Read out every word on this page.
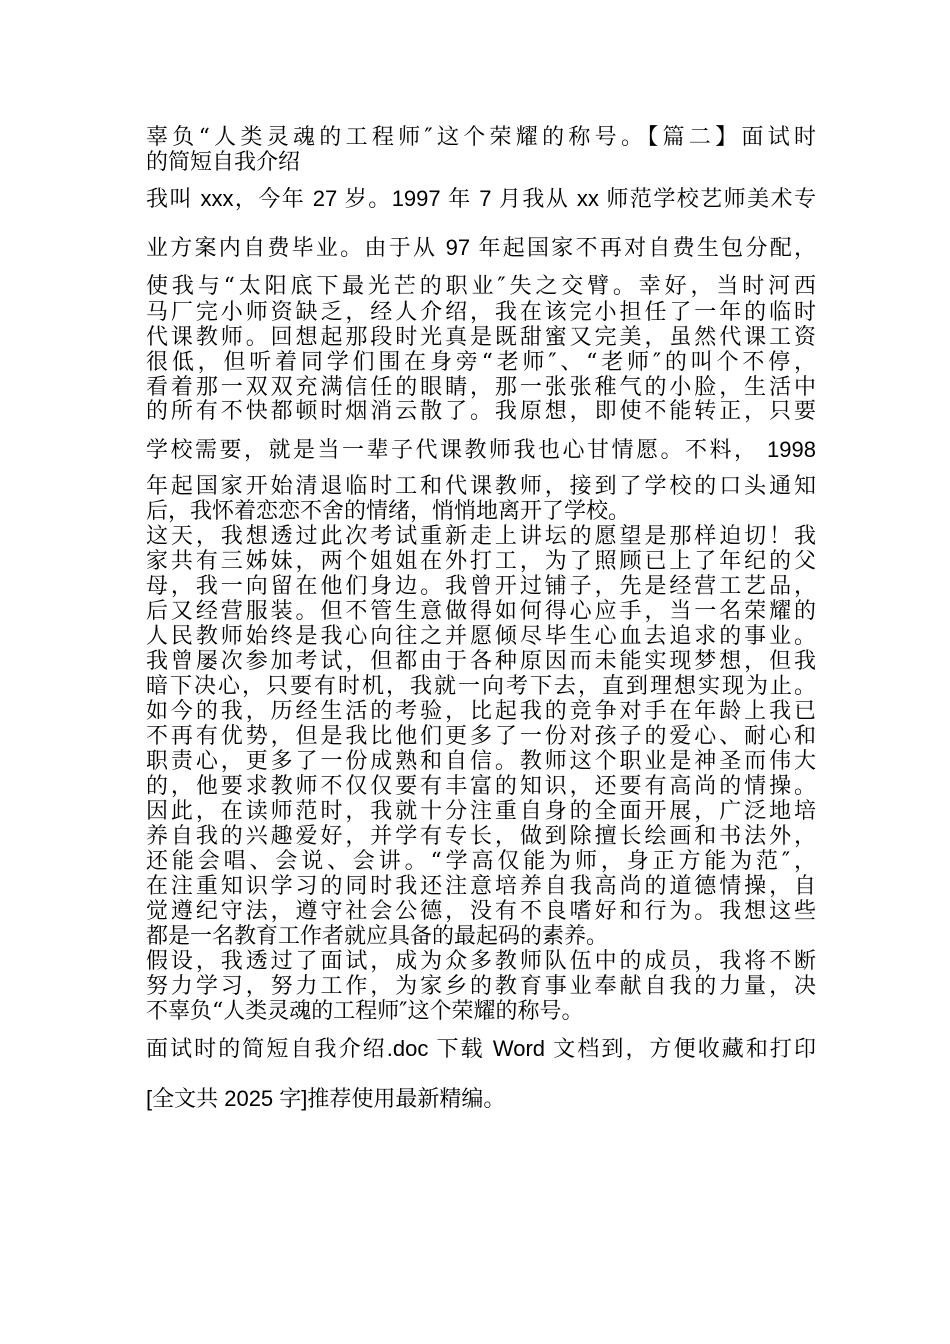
辜负“人类灵魂的工程师″这个荣耀的称号。【篇二】面试时

的简短自我介绍

我叫 xxx，今年 27 岁。1997 年 7 月我从 xx 师范学校艺师美术专

业方案内自费毕业。由于从 97 年起国家不再对自费生包分配，

使我与“太阳底下最光芒的职业″失之交臂。幸好，当时河西

马厂完小师资缺乏，经人介绍，我在该完小担任了一年的临时

代课教师。回想起那段时光真是既甜蜜又完美，虽然代课工资

很低，但听着同学们围在身旁“老师″、“老师″的叫个不停，

看着那一双双充满信任的眼睛，那一张张稚气的小脸，生活中

的所有不快都顿时烟消云散了。我原想，即使不能转正，只要

学校需要，就是当一辈子代课教师我也心甘情愿。不料， 1998

年起国家开始清退临时工和代课教师，接到了学校的口头通知

后，我怀着恋恋不舍的情绪，悄悄地离开了学校。

这天，我想透过此次考试重新走上讲坛的愿望是那样迫切！我

家共有三姊妹，两个姐姐在外打工，为了照顾已上了年纪的父

母，我一向留在他们身边。我曾开过铺子，先是经营工艺品，

后又经营服装。但不管生意做得如何得心应手，当一名荣耀的

人民教师始终是我心向往之并愿倾尽毕生心血去追求的事业。

我曾屡次参加考试，但都由于各种原因而未能实现梦想，但我

暗下决心，只要有时机，我就一向考下去，直到理想实现为止。

如今的我，历经生活的考验，比起我的竞争对手在年龄上我已

不再有优势，但是我比他们更多了一份对孩子的爱心、耐心和

职责心，更多了一份成熟和自信。教师这个职业是神圣而伟大

的，他要求教师不仅仅要有丰富的知识，还要有高尚的情操。

因此，在读师范时，我就十分注重自身的全面开展，广泛地培

养自我的兴趣爱好，并学有专长，做到除擅长绘画和书法外，

还能会唱、会说、会讲。“学高仅能为师，身正方能为范″，

在注重知识学习的同时我还注意培养自我高尚的道德情操，自

觉遵纪守法，遵守社会公德，没有不良嗜好和行为。我想这些

都是一名教育工作者就应具备的最起码的素养。

假设，我透过了面试，成为众多教师队伍中的成员，我将不断

努力学习，努力工作，为家乡的教育事业奉献自我的力量，决

不辜负“人类灵魂的工程师″这个荣耀的称号。

面试时的简短自我介绍.doc 下载 Word 文档到，方便收藏和打印

[全文共 2025 字]推荐使用最新精编。
